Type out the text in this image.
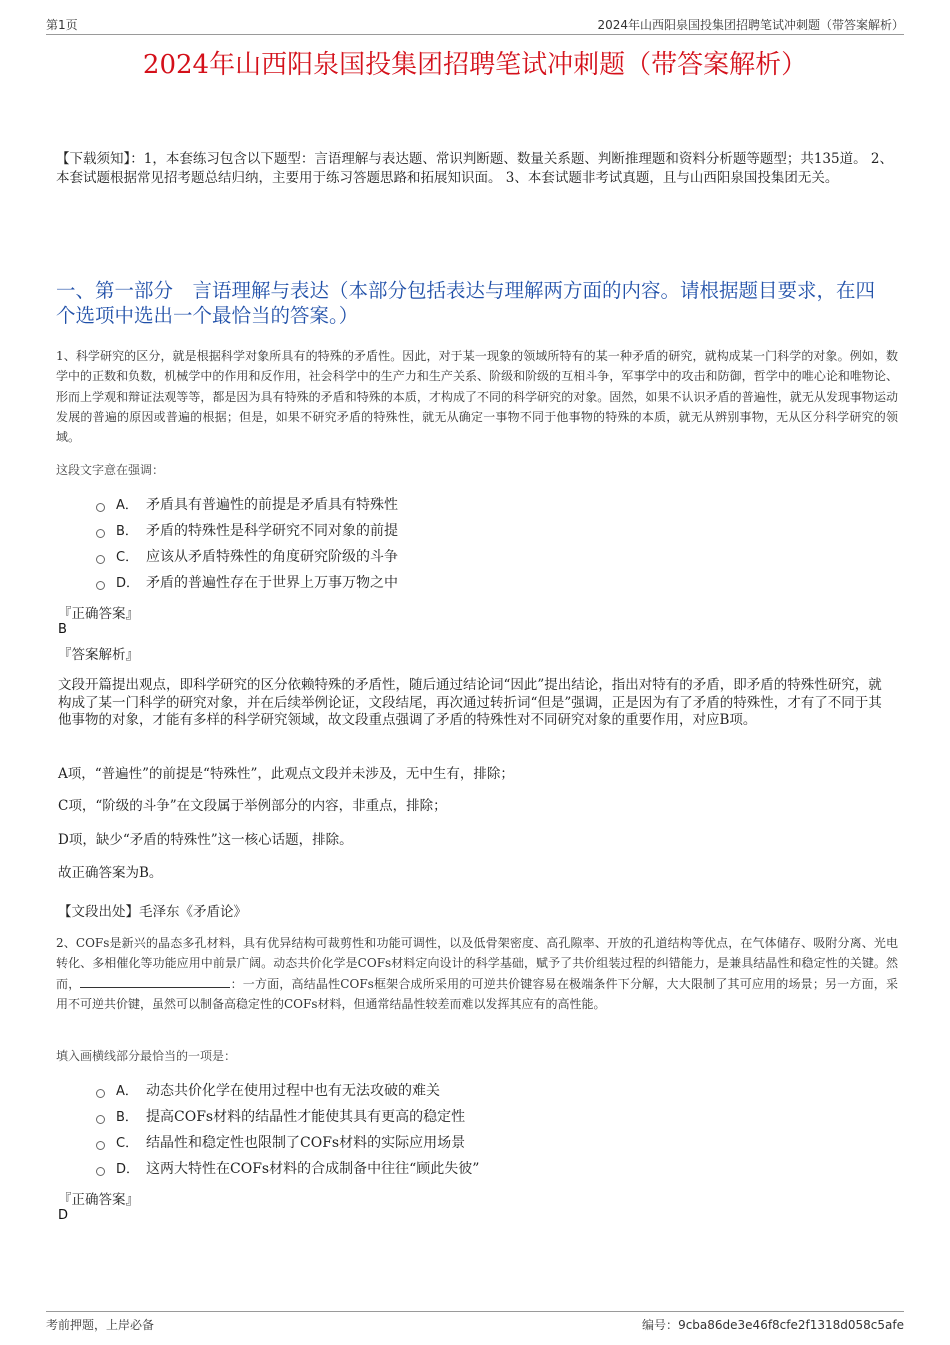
第1页	2024年山西阳泉国投集团招聘笔试冲刺题（带答案解析）
2024年山西阳泉国投集团招聘笔试冲刺题（带答案解析）
【下载须知】：1，本套练习包含以下题型：言语理解与表达题、常识判断题、数量关系题、判断推理题和资料分析题等题型；共135道。 2、本套试题根据常见招考题总结归纳，主要用于练习答题思路和拓展知识面。 3、本套试题非考试真题，且与山西阳泉国投集团无关。
一、第一部分　言语理解与表达（本部分包括表达与理解两方面的内容。请根据题目要求，在四个选项中选出一个最恰当的答案。）
1、科学研究的区分，就是根据科学对象所具有的特殊的矛盾性。因此，对于某一现象的领域所特有的某一种矛盾的研究，就构成某一门科学的对象。例如，数学中的正数和负数，机械学中的作用和反作用，社会科学中的生产力和生产关系、阶级和阶级的互相斗争，军事学中的攻击和防御，哲学中的唯心论和唯物论、形而上学观和辩证法观等等，都是因为具有特殊的矛盾和特殊的本质，才构成了不同的科学研究的对象。固然，如果不认识矛盾的普遍性，就无从发现事物运动发展的普遍的原因或普遍的根据；但是，如果不研究矛盾的特殊性，就无从确定一事物不同于他事物的特殊的本质，就无从辨别事物，无从区分科学研究的领域。
这段文字意在强调：
A． 矛盾具有普遍性的前提是矛盾具有特殊性
B． 矛盾的特殊性是科学研究不同对象的前提
C． 应该从矛盾特殊性的角度研究阶级的斗争
D． 矛盾的普遍性存在于世界上万事万物之中
『正确答案』
B
『答案解析』
文段开篇提出观点，即科学研究的区分依赖特殊的矛盾性，随后通过结论词“因此”提出结论，指出对特有的矛盾，即矛盾的特殊性研究，就构成了某一门科学的研究对象，并在后续举例论证，文段结尾，再次通过转折词“但是”强调，正是因为有了矛盾的特殊性，才有了不同于其他事物的对象，才能有多样的科学研究领域，故文段重点强调了矛盾的特殊性对不同研究对象的重要作用，对应B项。
A项，“普遍性”的前提是“特殊性”，此观点文段并未涉及，无中生有，排除；
C项，“阶级的斗争”在文段属于举例部分的内容，非重点，排除；
D项，缺少“矛盾的特殊性”这一核心话题，排除。
故正确答案为B。
【文段出处】毛泽东《矛盾论》
2、COFs是新兴的晶态多孔材料，具有优异结构可裁剪性和功能可调性，以及低骨架密度、高孔隙率、开放的孔道结构等优点，在气体储存、吸附分离、光电转化、多相催化等功能应用中前景广阔。动态共价化学是COFs材料定向设计的科学基础，赋予了共价组装过程的纠错能力，是兼具结晶性和稳定性的关键。然而，	：一方面，高结晶性COFs框架合成所采用的可逆共价键容易在极端条件下分解，大大限制了其可应用的场景；另一方面，采用不可逆共价键，虽然可以制备高稳定性的COFs材料，但通常结晶性较差而难以发挥其应有的高性能。
填入画横线部分最恰当的一项是：
A． 动态共价化学在使用过程中也有无法攻破的难关
B． 提高COFs材料的结晶性才能使其具有更高的稳定性
C． 结晶性和稳定性也限制了COFs材料的实际应用场景
D． 这两大特性在COFs材料的合成制备中往往“顾此失彼”
『正确答案』
D
考前押题，上岸必备	编号：9cba86de3e46f8cfe2f1318d058c5afe
